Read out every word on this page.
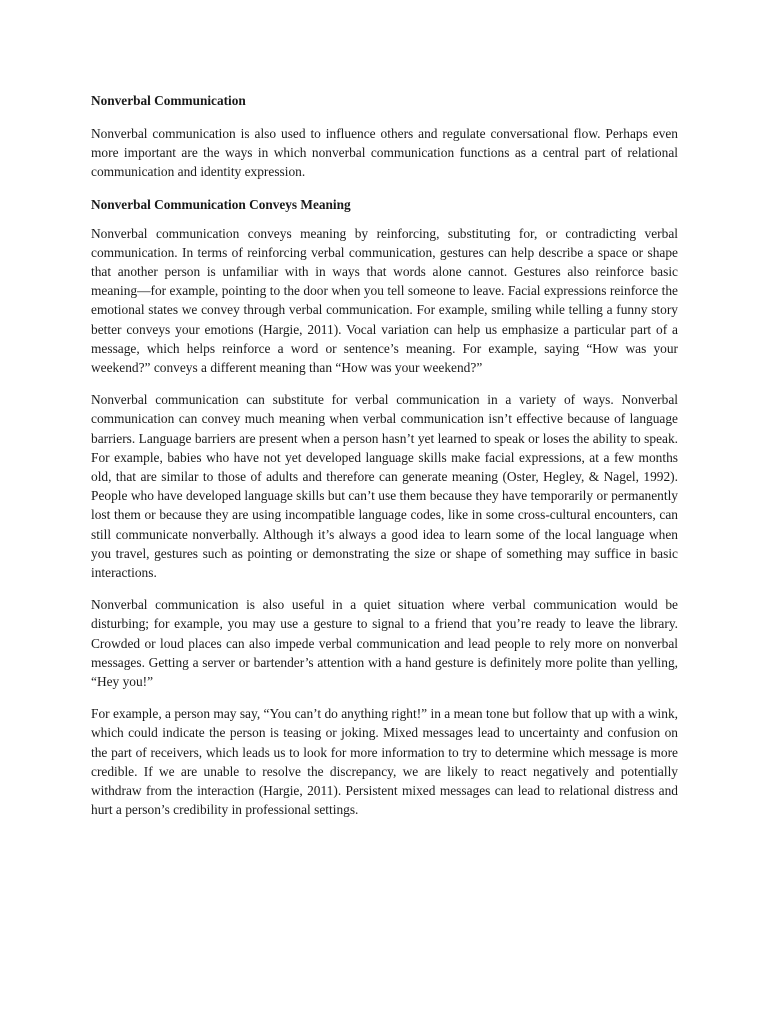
Nonverbal Communication

Nonverbal communication is also used to influence others and regulate conversational flow. Perhaps even more important are the ways in which nonverbal communication functions as a central part of relational communication and identity expression.

Nonverbal Communication Conveys Meaning

Nonverbal communication conveys meaning by reinforcing, substituting for, or contradicting verbal communication. In terms of reinforcing verbal communication, gestures can help describe a space or shape that another person is unfamiliar with in ways that words alone cannot. Gestures also reinforce basic meaning—for example, pointing to the door when you tell someone to leave. Facial expressions reinforce the emotional states we convey through verbal communication. For example, smiling while telling a funny story better conveys your emotions (Hargie, 2011). Vocal variation can help us emphasize a particular part of a message, which helps reinforce a word or sentence’s meaning. For example, saying “How was your weekend?” conveys a different meaning than “How was your weekend?”

Nonverbal communication can substitute for verbal communication in a variety of ways. Nonverbal communication can convey much meaning when verbal communication isn’t effective because of language barriers. Language barriers are present when a person hasn’t yet learned to speak or loses the ability to speak. For example, babies who have not yet developed language skills make facial expressions, at a few months old, that are similar to those of adults and therefore can generate meaning (Oster, Hegley, & Nagel, 1992). People who have developed language skills but can’t use them because they have temporarily or permanently lost them or because they are using incompatible language codes, like in some cross-cultural encounters, can still communicate nonverbally. Although it’s always a good idea to learn some of the local language when you travel, gestures such as pointing or demonstrating the size or shape of something may suffice in basic interactions.

Nonverbal communication is also useful in a quiet situation where verbal communication would be disturbing; for example, you may use a gesture to signal to a friend that you’re ready to leave the library. Crowded or loud places can also impede verbal communication and lead people to rely more on nonverbal messages. Getting a server or bartender’s attention with a hand gesture is definitely more polite than yelling, “Hey you!”

For example, a person may say, “You can’t do anything right!” in a mean tone but follow that up with a wink, which could indicate the person is teasing or joking. Mixed messages lead to uncertainty and confusion on the part of receivers, which leads us to look for more information to try to determine which message is more credible. If we are unable to resolve the discrepancy, we are likely to react negatively and potentially withdraw from the interaction (Hargie, 2011). Persistent mixed messages can lead to relational distress and hurt a person’s credibility in professional settings.
